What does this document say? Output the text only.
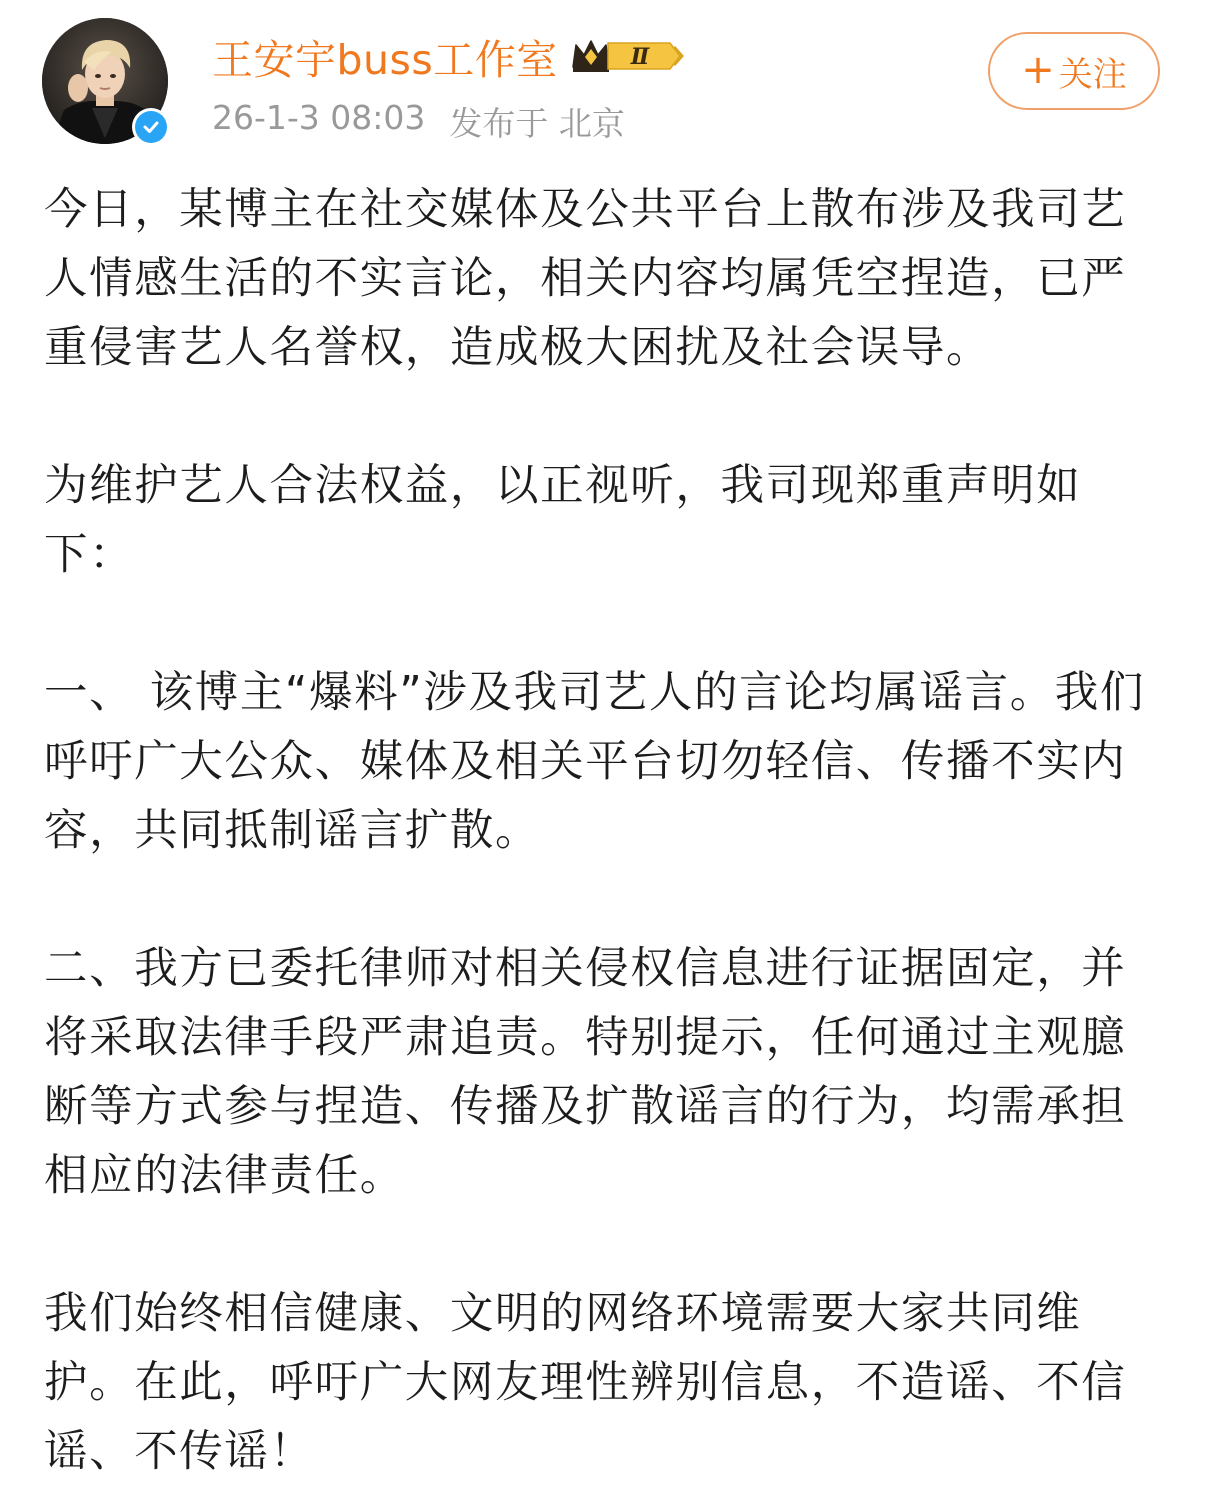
王安宇buss工作室	Ⅱ
26-1-3 08:03 发布于 北京
+ 关注

今日，某博主在社交媒体及公共平台上散布涉及我司艺人情感生活的不实言论，相关内容均属凭空捏造，已严重侵害艺人名誉权，造成极大困扰及社会误导。

为维护艺人合法权益，以正视听，我司现郑重声明如下：

一、 该博主“爆料”涉及我司艺人的言论均属谣言。我们呼吁广大公众、媒体及相关平台切勿轻信、传播不实内容，共同抵制谣言扩散。

二、我方已委托律师对相关侵权信息进行证据固定，并将采取法律手段严肃追责。特别提示，任何通过主观臆断等方式参与捏造、传播及扩散谣言的行为，均需承担相应的法律责任。

我们始终相信健康、文明的网络环境需要大家共同维护。在此，呼吁广大网友理性辨别信息，不造谣、不信谣、不传谣！
